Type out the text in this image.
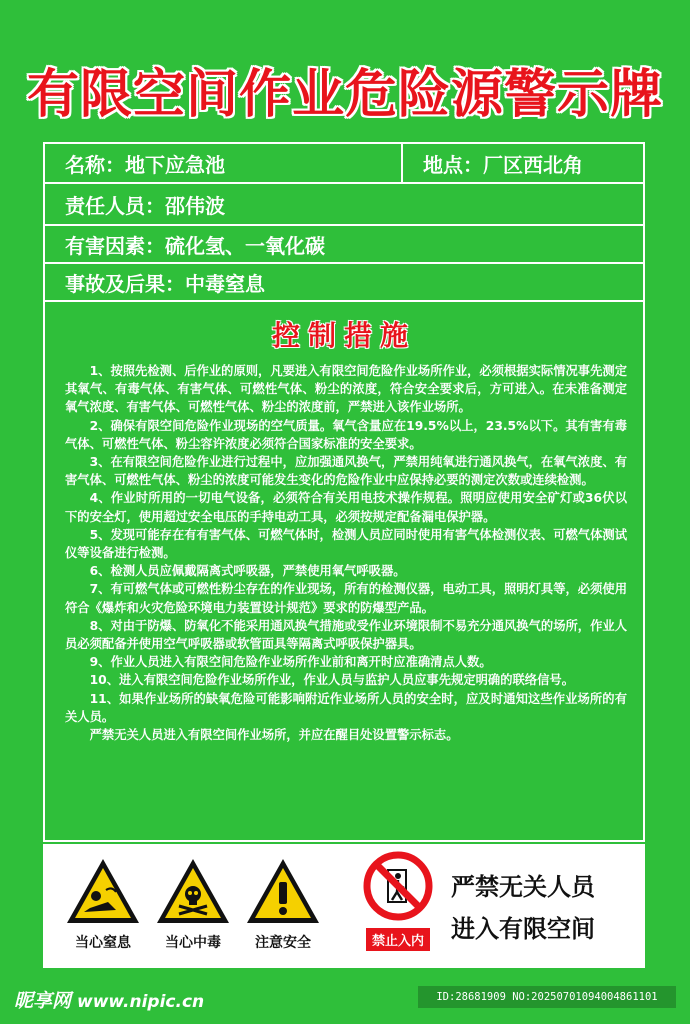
有限空间作业危险源警示牌
名称：地下应急池	地点：厂区西北角
责任人员：邵伟波
有害因素：硫化氢、一氧化碳
事故及后果：中毒窒息
控制措施

1、按照先检测、后作业的原则，凡要进入有限空间危险作业场所作业，必须根据实际情况事先测定其氧气、有毒气体、有害气体、可燃性气体、粉尘的浓度，符合安全要求后，方可进入。在未准备测定氧气浓度、有害气体、可燃性气体、粉尘的浓度前，严禁进入该作业场所。

2、确保有限空间危险作业现场的空气质量。氧气含量应在19.5%以上，23.5%以下。其有害有毒气体、可燃性气体、粉尘容许浓度必须符合国家标准的安全要求。

3、在有限空间危险作业进行过程中，应加强通风换气，严禁用纯氧进行通风换气，在氧气浓度、有害气体、可燃性气体、粉尘的浓度可能发生变化的危险作业中应保持必要的测定次数或连续检测。

4、作业时所用的一切电气设备，必须符合有关用电技术操作规程。照明应使用安全矿灯或36伏以下的安全灯，使用超过安全电压的手持电动工具，必须按规定配备漏电保护器。

5、发现可能存在有有害气体、可燃气体时，检测人员应同时使用有害气体检测仪表、可燃气体测试仪等设备进行检测。

6、检测人员应佩戴隔离式呼吸器，严禁使用氧气呼吸器。

7、有可燃气体或可燃性粉尘存在的作业现场，所有的检测仪器，电动工具，照明灯具等，必须使用符合《爆炸和火灾危险环境电力装置设计规范》要求的防爆型产品。

8、对由于防爆、防氧化不能采用通风换气措施或受作业环境限制不易充分通风换气的场所，作业人员必须配备并使用空气呼吸器或软管面具等隔离式呼吸保护器具。

9、作业人员进入有限空间危险作业场所作业前和离开时应准确清点人数。

10、进入有限空间危险作业场所作业，作业人员与监护人员应事先规定明确的联络信号。

11、如果作业场所的缺氧危险可能影响附近作业场所人员的安全时，应及时通知这些作业场所的有关人员。

严禁无关人员进入有限空间作业场所，并应在醒目处设置警示标志。

当心窒息	当心中毒	注意安全	禁止入内
严禁无关人员
进入有限空间
昵享网 www.nipic.cn	ID:28681909 NO:20250701094004861101
